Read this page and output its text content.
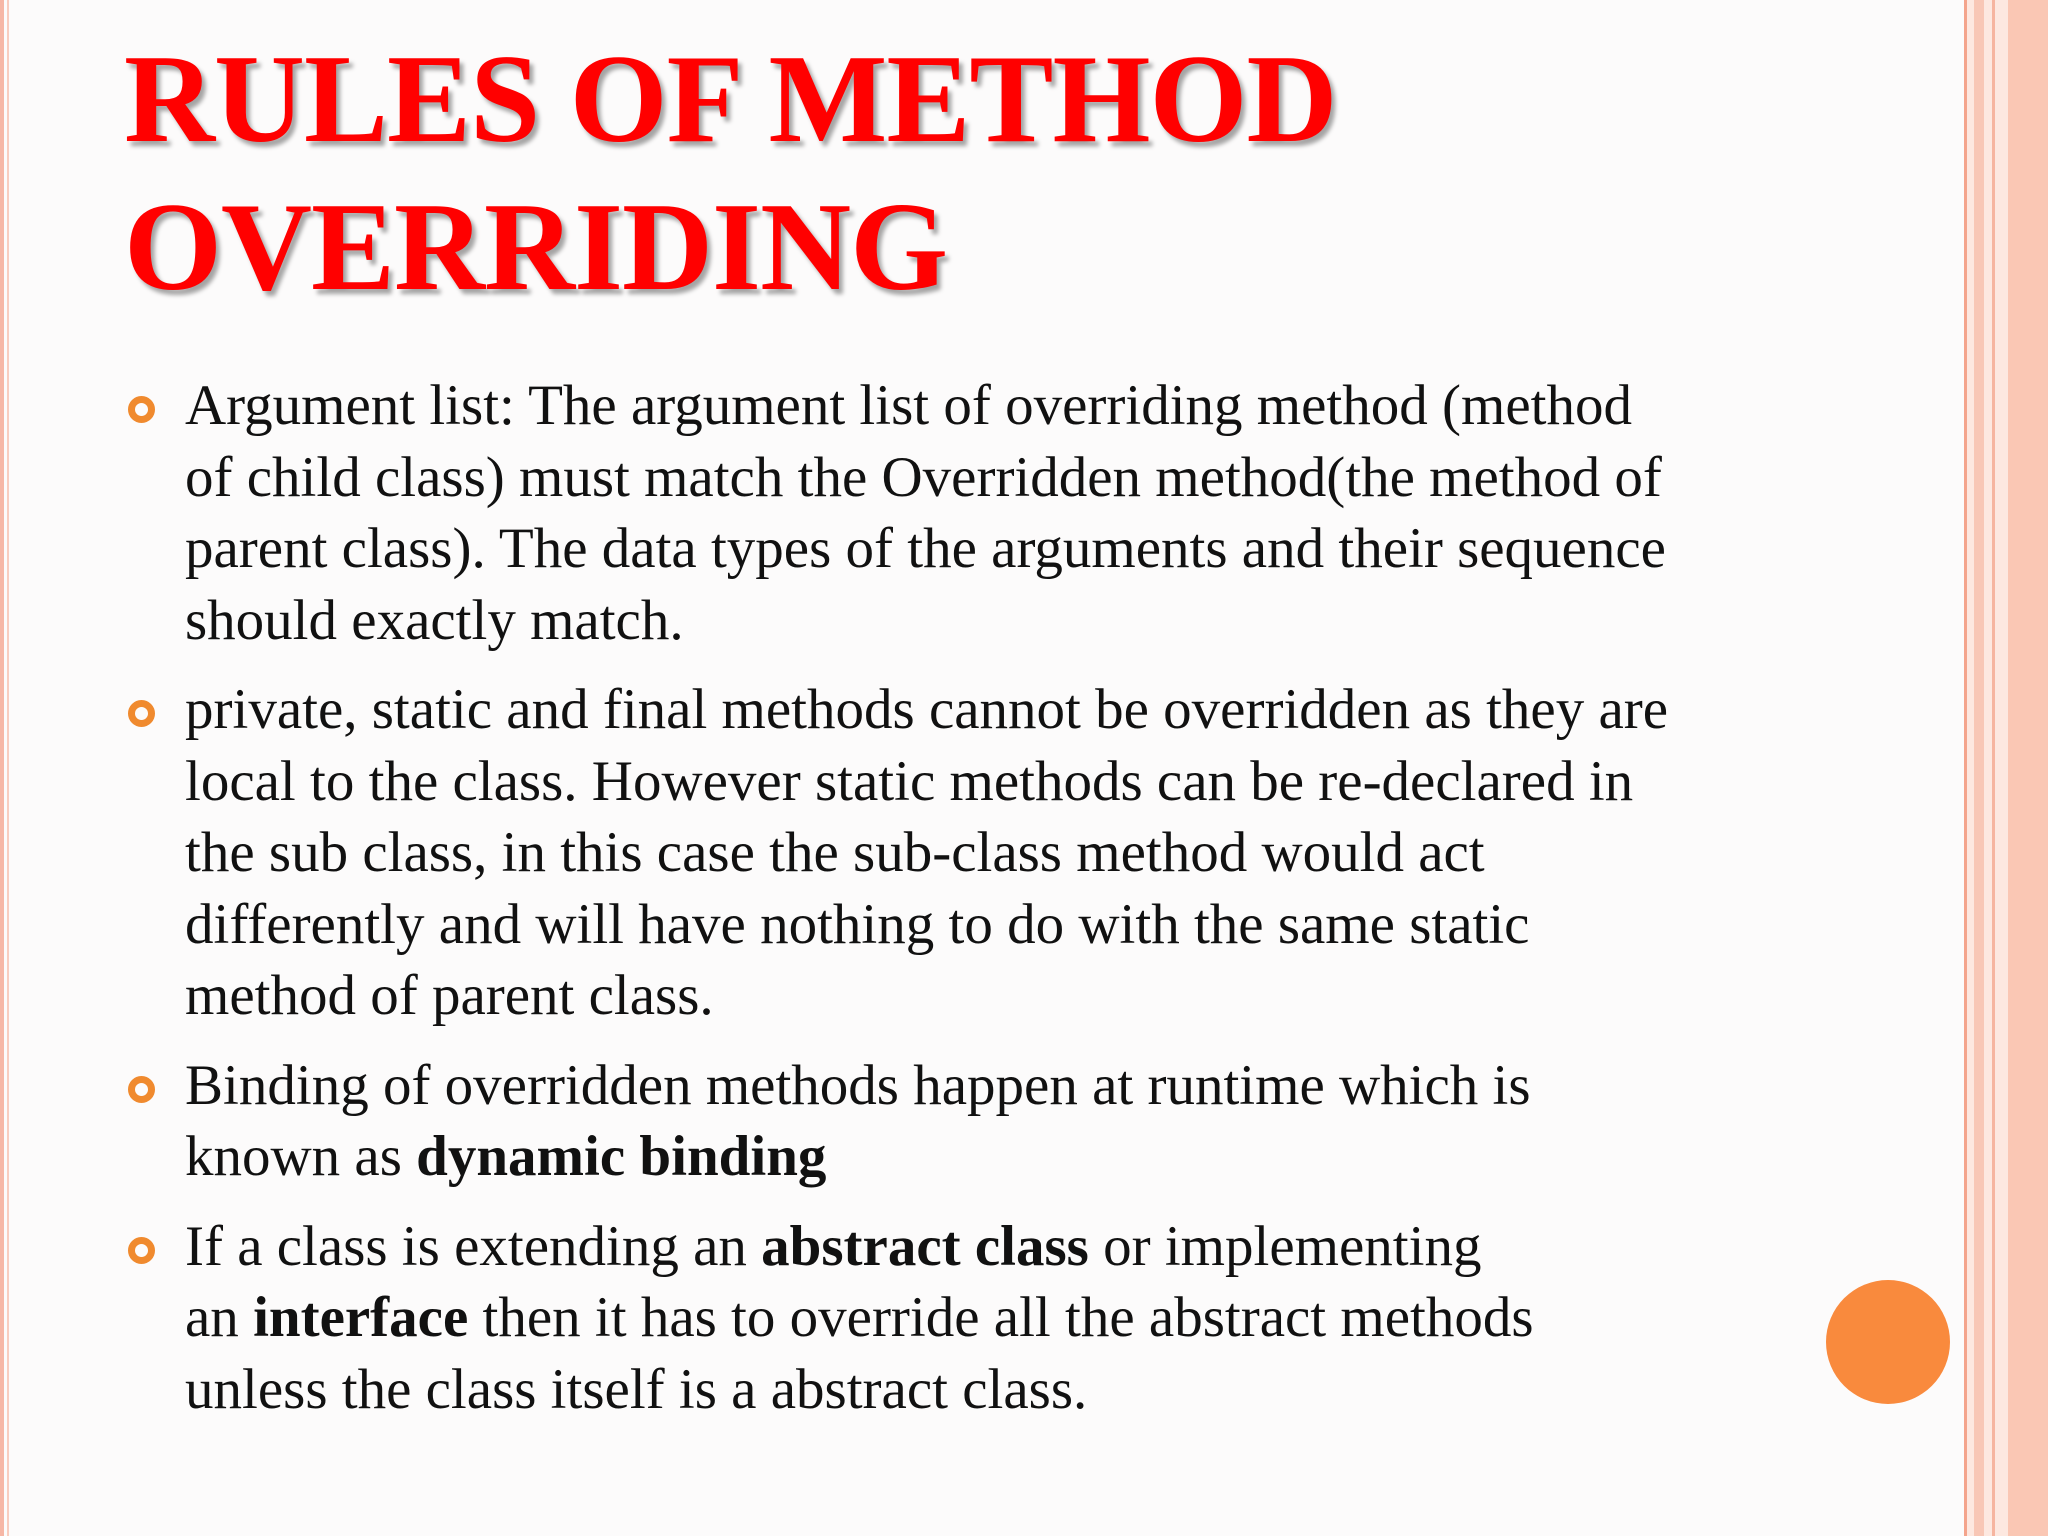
RULES OF METHOD
OVERRIDING
Argument list: The argument list of overriding method (method
of child class) must match the Overridden method(the method of
parent class). The data types of the arguments and their sequence
should exactly match.
private, static and final methods cannot be overridden as they are
local to the class. However static methods can be re-declared in
the sub class, in this case the sub-class method would act
differently and will have nothing to do with the same static
method of parent class.
Binding of overridden methods happen at runtime which is
known as dynamic binding
If a class is extending an abstract class or implementing
an interface then it has to override all the abstract methods
unless the class itself is a abstract class.
